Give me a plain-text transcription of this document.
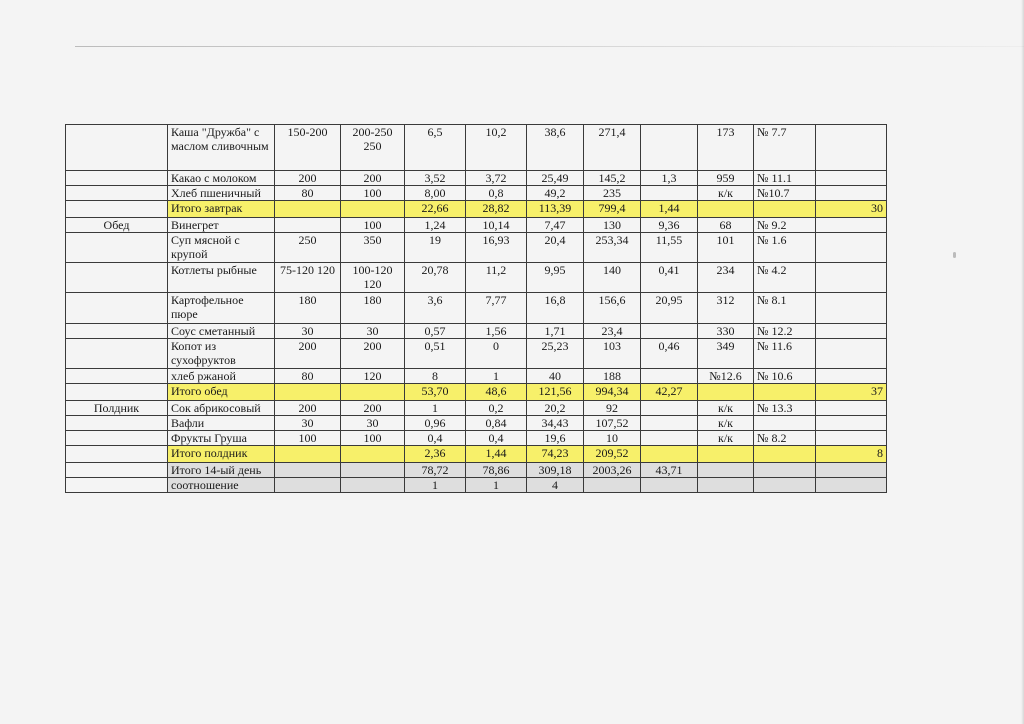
	Каша "Дружба" с маслом сливочным	150-200	200-250 250	6,5	10,2	38,6	271,4		173	№ 7.7	
	Какао с молоком	200	200	3,52	3,72	25,49	145,2	1,3	959	№ 11.1	
	Хлеб пшеничный	80	100	8,00	0,8	49,2	235		к/к	№10.7	
	Итого завтрак			22,66	28,82	113,39	799,4	1,44			30
Обед	Винегрет		100	1,24	10,14	7,47	130	9,36	68	№ 9.2	
	Суп мясной с крупой	250	350	19	16,93	20,4	253,34	11,55	101	№ 1.6	
	Котлеты рыбные	75-120 120	100-120 120	20,78	11,2	9,95	140	0,41	234	№ 4.2	
	Картофельное пюре	180	180	3,6	7,77	16,8	156,6	20,95	312	№ 8.1	
	Соус сметанный	30	30	0,57	1,56	1,71	23,4		330	№ 12.2	
	Копот из сухофруктов	200	200	0,51	0	25,23	103	0,46	349	№ 11.6	
	хлеб ржаной	80	120	8	1	40	188		№12.6	№ 10.6	
	Итого обед			53,70	48,6	121,56	994,34	42,27			37
Полдник	Сок абрикосовый	200	200	1	0,2	20,2	92		к/к	№ 13.3	
	Вафли	30	30	0,96	0,84	34,43	107,52		к/к		
	Фрукты Груша	100	100	0,4	0,4	19,6	10		к/к	№ 8.2	
	Итого полдник			2,36	1,44	74,23	209,52				8
	Итого 14-ый день			78,72	78,86	309,18	2003,26	43,71			
	соотношение			1	1	4					
